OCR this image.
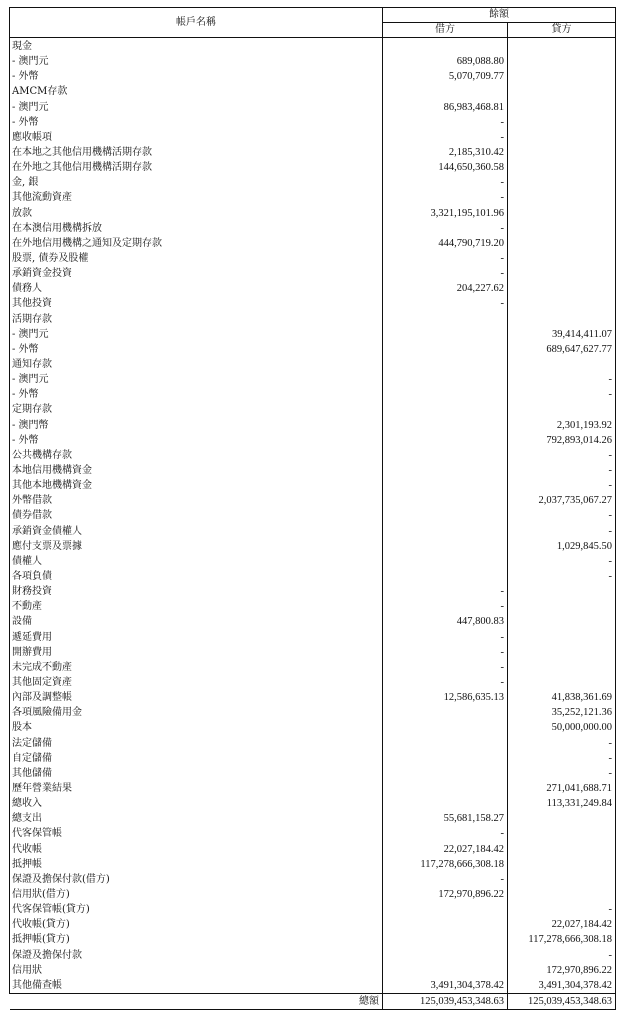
帳戶名稱	餘額	
	借方	貸方
現金		
- 澳門元	689,088.80	
- 外幣	5,070,709.77	
AMCM存款		
- 澳門元	86,983,468.81	
- 外幣	-	
應收帳項	-	
在本地之其他信用機構活期存款	2,185,310.42	
在外地之其他信用機構活期存款	144,650,360.58	
金, 銀	-	
其他流動資產	-	
放款	3,321,195,101.96	
在本澳信用機構拆放	-	
在外地信用機構之通知及定期存款	444,790,719.20	
股票, 債券及股權	-	
承銷資金投資	-	
債務人	204,227.62	
其他投資	-	
活期存款		
- 澳門元		39,414,411.07
- 外幣		689,647,627.77
通知存款		
- 澳門元		-
- 外幣		-
定期存款		
- 澳門幣		2,301,193.92
- 外幣		792,893,014.26
公共機構存款		-
本地信用機構資金		-
其他本地機構資金		-
外幣借款		2,037,735,067.27
債券借款		-
承銷資金債權人		-
應付支票及票據		1,029,845.50
債權人		-
各項負債		-
財務投資	-	
不動產	-	
設備	447,800.83	
遞延費用	-	
開辦費用	-	
未完成不動產	-	
其他固定資產	-	
內部及調整帳	12,586,635.13	41,838,361.69
各項風險備用金		35,252,121.36
股本		50,000,000.00
法定儲備		-
自定儲備		-
其他儲備		-
歷年營業結果		271,041,688.71
總收入		113,331,249.84
總支出	55,681,158.27	
代客保管帳	-	
代收帳	22,027,184.42	
抵押帳	117,278,666,308.18	
保證及擔保付款(借方)	-	
信用狀(借方)	172,970,896.22	
代客保管帳(貸方)		-
代收帳(貸方)		22,027,184.42
抵押帳(貸方)		117,278,666,308.18
保證及擔保付款		-
信用狀		172,970,896.22
其他備查帳	3,491,304,378.42	3,491,304,378.42
總額	125,039,453,348.63	125,039,453,348.63
